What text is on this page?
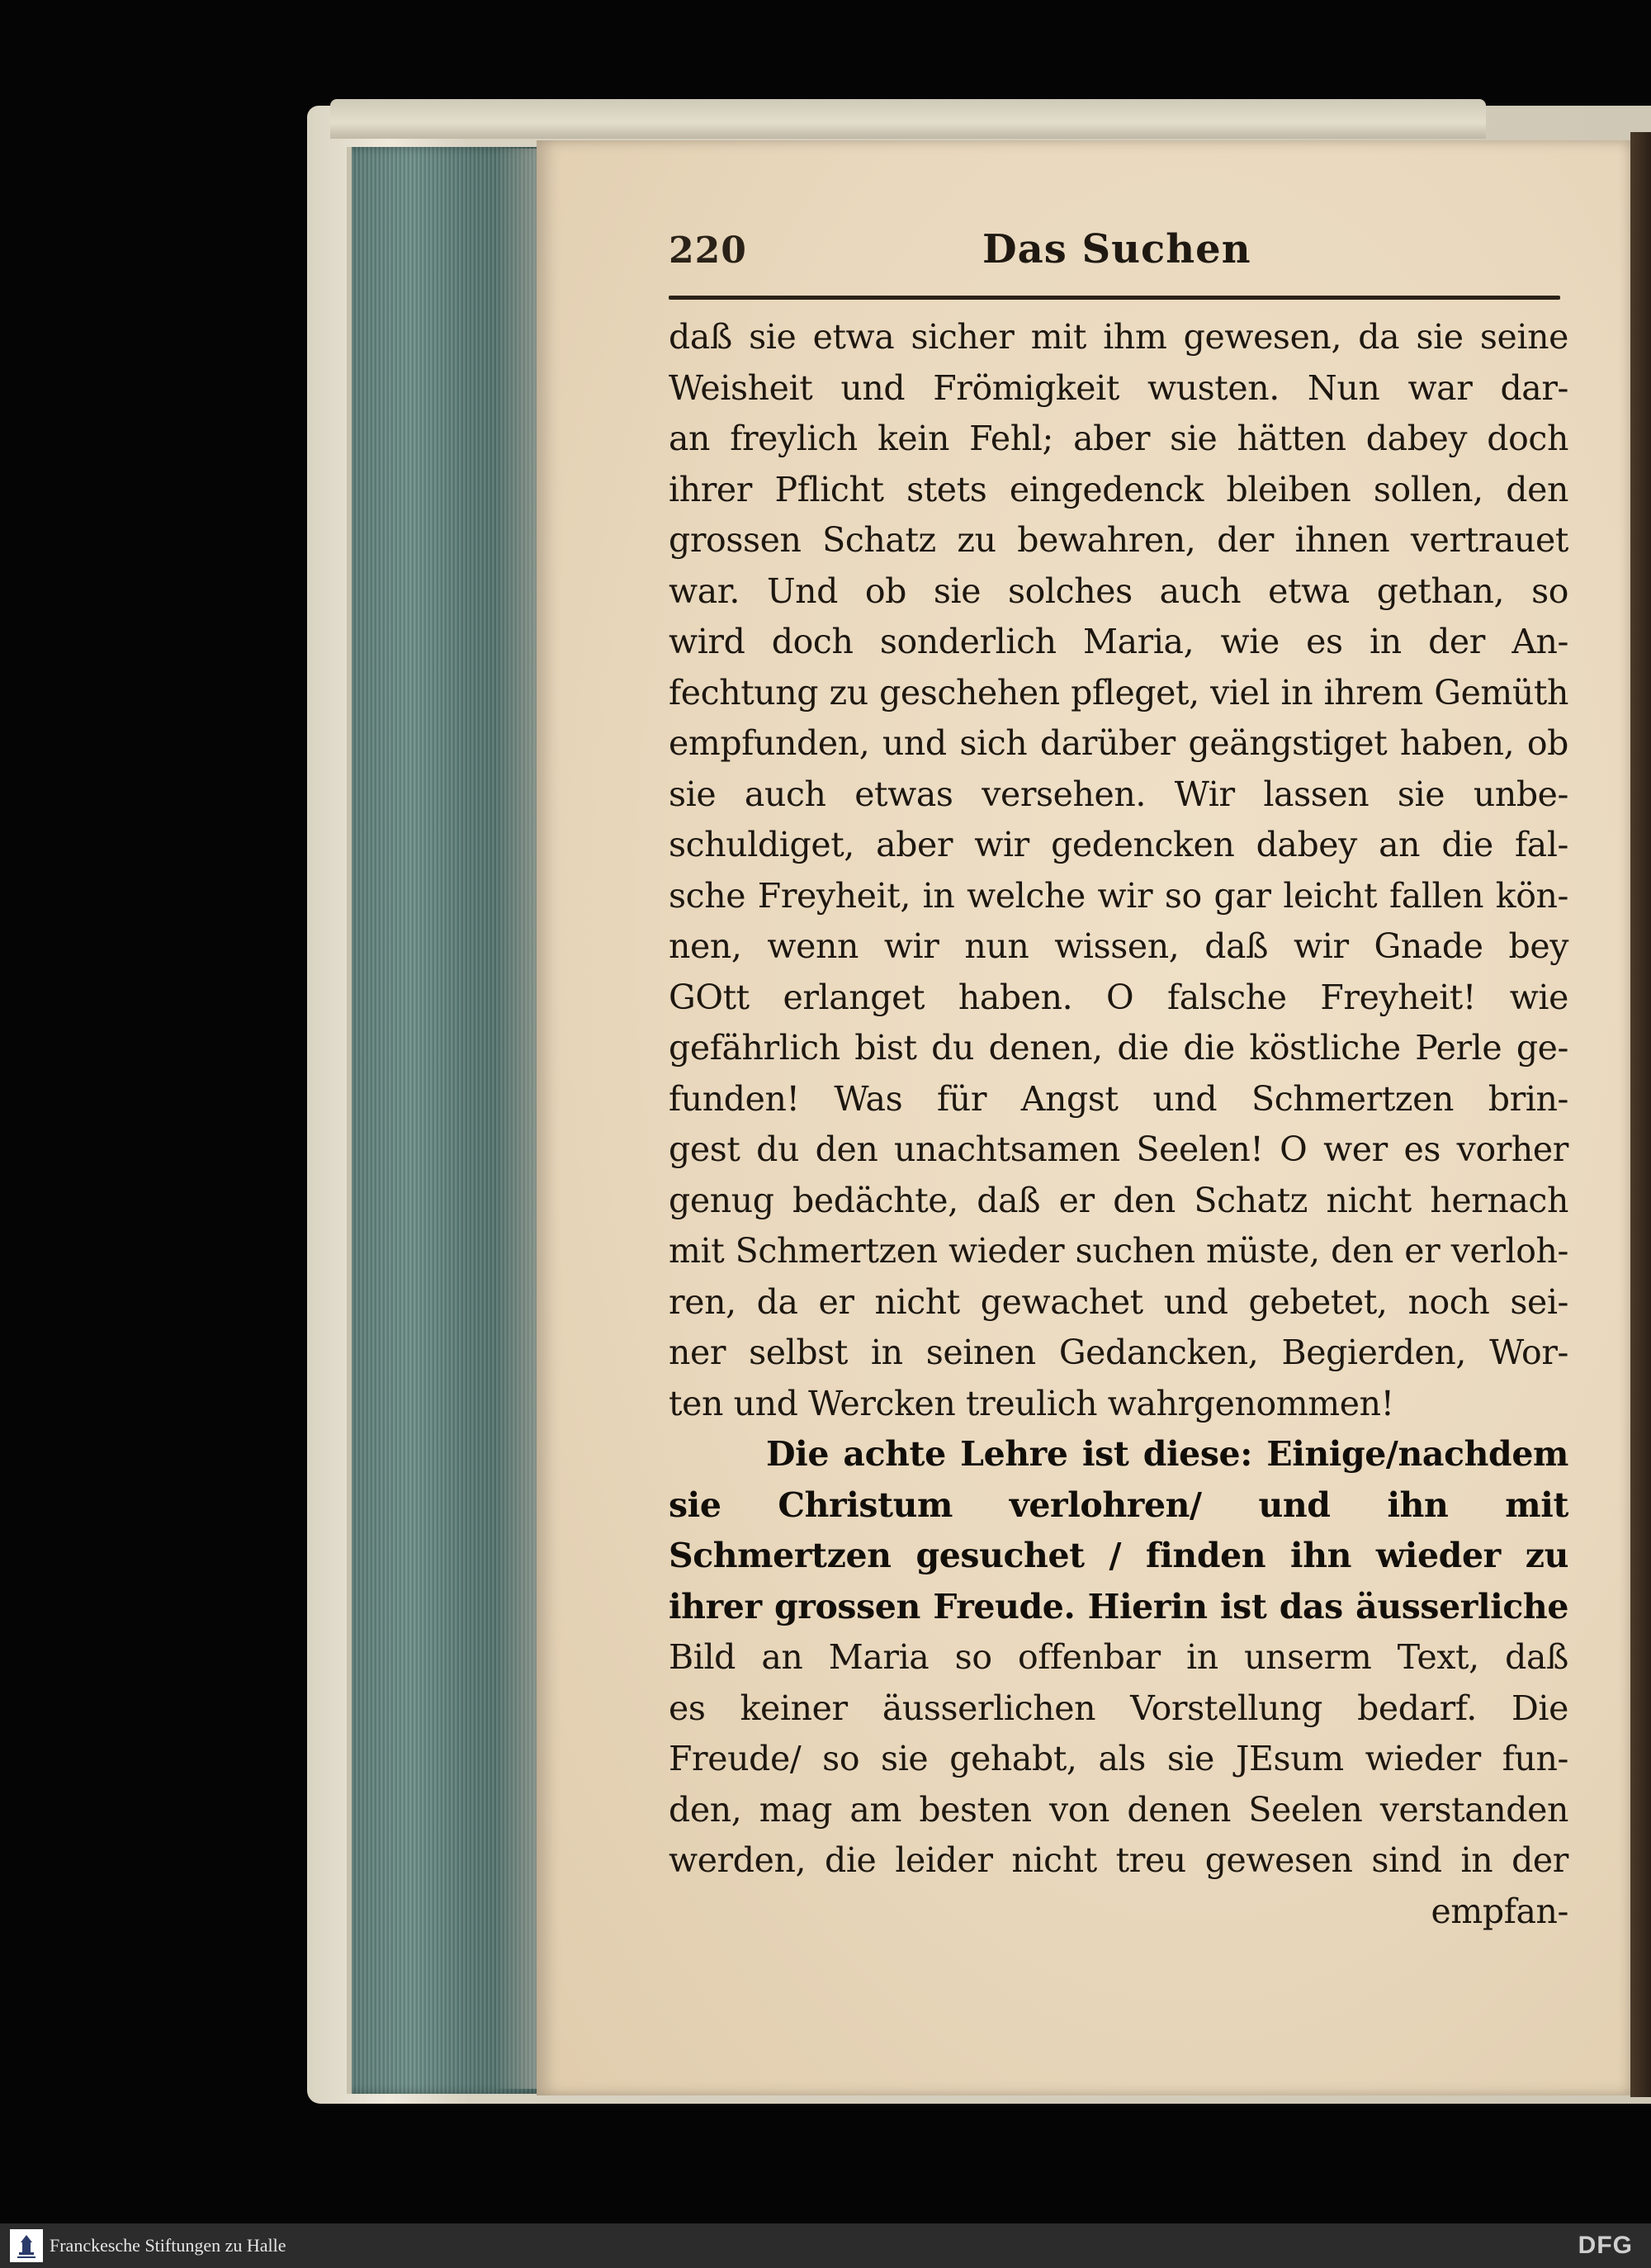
220	Das Suchen
daß sie etwa sicher mit ihm gewesen, da sie seine
Weisheit und Frömigkeit wusten. Nun war dar-
an freylich kein Fehl; aber sie hätten dabey doch
ihrer Pflicht stets eingedenck bleiben sollen, den
grossen Schatz zu bewahren, der ihnen vertrauet
war. Und ob sie solches auch etwa gethan, so
wird doch sonderlich Maria, wie es in der An-
fechtung zu geschehen pfleget, viel in ihrem Gemüth
empfunden, und sich darüber geängstiget haben, ob
sie auch etwas versehen. Wir lassen sie unbe-
schuldiget, aber wir gedencken dabey an die fal-
sche Freyheit, in welche wir so gar leicht fallen kön-
nen, wenn wir nun wissen, daß wir Gnade bey
GOtt erlanget haben. O falsche Freyheit! wie
gefährlich bist du denen, die die köstliche Perle ge-
funden! Was für Angst und Schmertzen brin-
gest du den unachtsamen Seelen! O wer es vorher
genug bedächte, daß er den Schatz nicht hernach
mit Schmertzen wieder suchen müste, den er verloh-
ren, da er nicht gewachet und gebetet, noch sei-
ner selbst in seinen Gedancken, Begierden, Wor-
ten und Wercken treulich wahrgenommen!
Die achte Lehre ist diese: Einige/nachdem
sie Christum verlohren/ und ihn mit
Schmertzen gesuchet / finden ihn wieder zu
ihrer grossen Freude. Hierin ist das äusserliche
Bild an Maria so offenbar in unserm Text, daß
es keiner äusserlichen Vorstellung bedarf. Die
Freude/ so sie gehabt, als sie JEsum wieder fun-
den, mag am besten von denen Seelen verstanden
werden, die leider nicht treu gewesen sind in der
empfan-
Franckesche Stiftungen zu Halle	DFG
